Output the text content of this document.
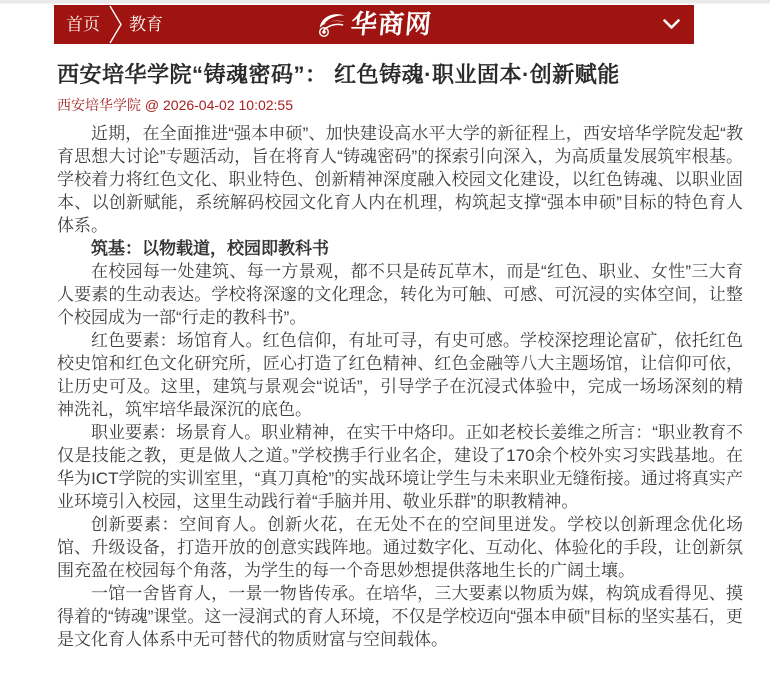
首页 教育	华商网
西安培华学院“铸魂密码”： 红色铸魂·职业固本·创新赋能
西安培华学院 @ 2026-04-02 10:02:55

近期，在全面推进“强本申硕”、加快建设高水平大学的新征程上，西安培华学院发起“教育思想大讨论”专题活动，旨在将育人“铸魂密码”的探索引向深入，为高质量发展筑牢根基。学校着力将红色文化、职业特色、创新精神深度融入校园文化建设，以红色铸魂、以职业固本、以创新赋能，系统解码校园文化育人内在机理，构筑起支撑“强本申硕”目标的特色育人体系。

筑基：以物载道，校园即教科书

在校园每一处建筑、每一方景观，都不只是砖瓦草木，而是“红色、职业、女性”三大育人要素的生动表达。学校将深邃的文化理念，转化为可触、可感、可沉浸的实体空间，让整个校园成为一部“行走的教科书”。

红色要素：场馆育人。红色信仰，有址可寻，有史可感。学校深挖理论富矿，依托红色校史馆和红色文化研究所，匠心打造了红色精神、红色金融等八大主题场馆，让信仰可依，让历史可及。这里，建筑与景观会“说话”，引导学子在沉浸式体验中，完成一场场深刻的精神洗礼，筑牢培华最深沉的底色。

职业要素：场景育人。职业精神，在实干中烙印。正如老校长姜维之所言：“职业教育不仅是技能之教，更是做人之道。”学校携手行业名企，建设了170余个校外实习实践基地。在华为ICT学院的实训室里，“真刀真枪”的实战环境让学生与未来职业无缝衔接。通过将真实产业环境引入校园，这里生动践行着“手脑并用、敬业乐群”的职教精神。

创新要素：空间育人。创新火花，在无处不在的空间里迸发。学校以创新理念优化场馆、升级设备，打造开放的创意实践阵地。通过数字化、互动化、体验化的手段，让创新氛围充盈在校园每个角落，为学生的每一个奇思妙想提供落地生长的广阔土壤。

一馆一舍皆育人，一景一物皆传承。在培华，三大要素以物质为媒，构筑成看得见、摸得着的“铸魂”课堂。这一浸润式的育人环境，不仅是学校迈向“强本申硕”目标的坚实基石，更是文化育人体系中无可替代的物质财富与空间载体。
